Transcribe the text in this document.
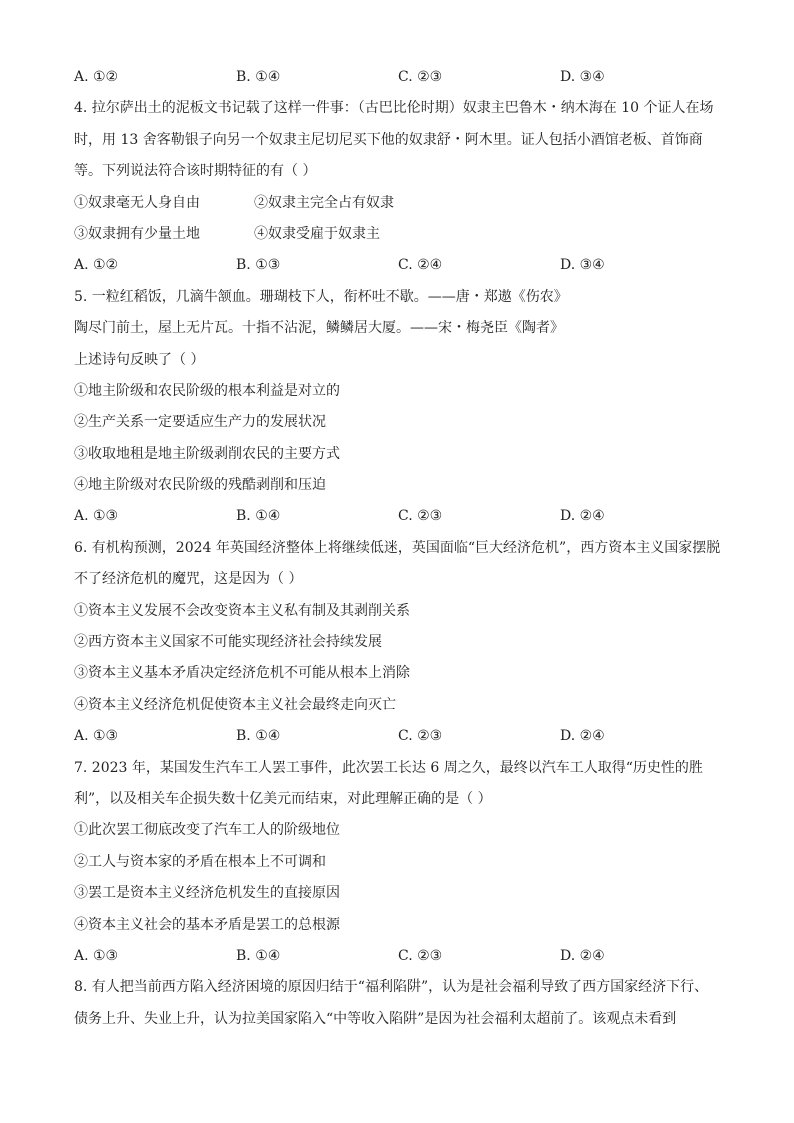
A. ①②	B. ①④	C. ②③	D. ③④
4. 拉尔萨出土的泥板文书记载了这样一件事：（古巴比伦时期）奴隶主巴鲁木・纳木海在 10 个证人在场
时，用 13 舍客勒银子向另一个奴隶主尼切尼买下他的奴隶舒・阿木里。证人包括小酒馆老板、首饰商
等。下列说法符合该时期特征的有（ ）
①奴隶毫无人身自由	②奴隶主完全占有奴隶
③奴隶拥有少量土地	④奴隶受雇于奴隶主
A. ①②	B. ①③	C. ②④	D. ③④
5. 一粒红稻饭，几滴牛颔血。珊瑚枝下人，衔杯吐不歇。——唐・郑遨《伤农》
陶尽门前土，屋上无片瓦。十指不沾泥，鳞鳞居大厦。——宋・梅尧臣《陶者》
上述诗句反映了（ ）
①地主阶级和农民阶级的根本利益是对立的
②生产关系一定要适应生产力的发展状况
③收取地租是地主阶级剥削农民的主要方式
④地主阶级对农民阶级的残酷剥削和压迫
A. ①③	B. ①④	C. ②③	D. ②④
6. 有机构预测，2024 年英国经济整体上将继续低迷，英国面临“巨大经济危机”，西方资本主义国家摆脱
不了经济危机的魔咒，这是因为（ ）
①资本主义发展不会改变资本主义私有制及其剥削关系
②西方资本主义国家不可能实现经济社会持续发展
③资本主义基本矛盾决定经济危机不可能从根本上消除
④资本主义经济危机促使资本主义社会最终走向灭亡
A. ①③	B. ①④	C. ②③	D. ②④
7. 2023 年，某国发生汽车工人罢工事件，此次罢工长达 6 周之久，最终以汽车工人取得“历史性的胜
利”，以及相关车企损失数十亿美元而结束，对此理解正确的是（ ）
①此次罢工彻底改变了汽车工人的阶级地位
②工人与资本家的矛盾在根本上不可调和
③罢工是资本主义经济危机发生的直接原因
④资本主义社会的基本矛盾是罢工的总根源
A. ①③	B. ①④	C. ②③	D. ②④
8. 有人把当前西方陷入经济困境的原因归结于“福利陷阱”，认为是社会福利导致了西方国家经济下行、
债务上升、失业上升，认为拉美国家陷入“中等收入陷阱”是因为社会福利太超前了。该观点未看到
